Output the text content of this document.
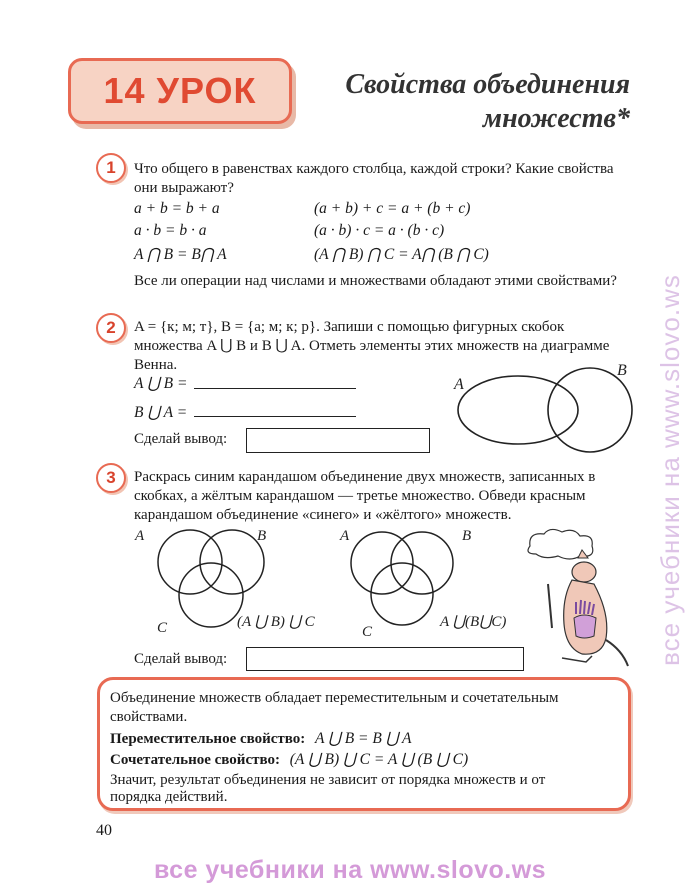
14 УРОК	Свойства объединения
множеств*
1	Что общего в равенствах каждого столбца, каждой строки? Какие свойства они выражают?
a + b = b + a	(a + b) + c = a + (b + c)
a · b = b · a	(a · b) · c = a · (b · c)
A ⋂ B = B⋂ A	(A ⋂ B) ⋂ C = A⋂ (B ⋂ C)
Все ли операции над числами и множествами обладают этими свойствами?
2	A = {к; м; т}, B = {а; м; к; р}. Запиши с помощью фигурных скобок множества A ⋃ B и B ⋃ A. Отметь элементы этих множеств на диаграмме Венна.
A ⋃ B =
B ⋃ A =
Сделай вывод:
A
B
3	Раскрась синим карандашом объединение двух множеств, записанных в скобках, а жёлтым карандашом — третье множество. Обведи красным карандашом объединение «синего» и «жёлтого» множеств.
A	B
C	(A ⋃ B) ⋃ C
A	B
C
A ⋃(B⋃C)
Сделай вывод:
Объединение множеств обладает переместительным и сочетательным
свойствами.
Переместительное свойство: A ⋃ B = B ⋃ A
Сочетательное свойство: (A ⋃ B) ⋃ C = A ⋃ (B ⋃ C)
Значит, результат объединения не зависит от порядка множеств и от
порядка действий.
40
все учебники на www.slovo.ws
все учебники на www.slovo.ws
